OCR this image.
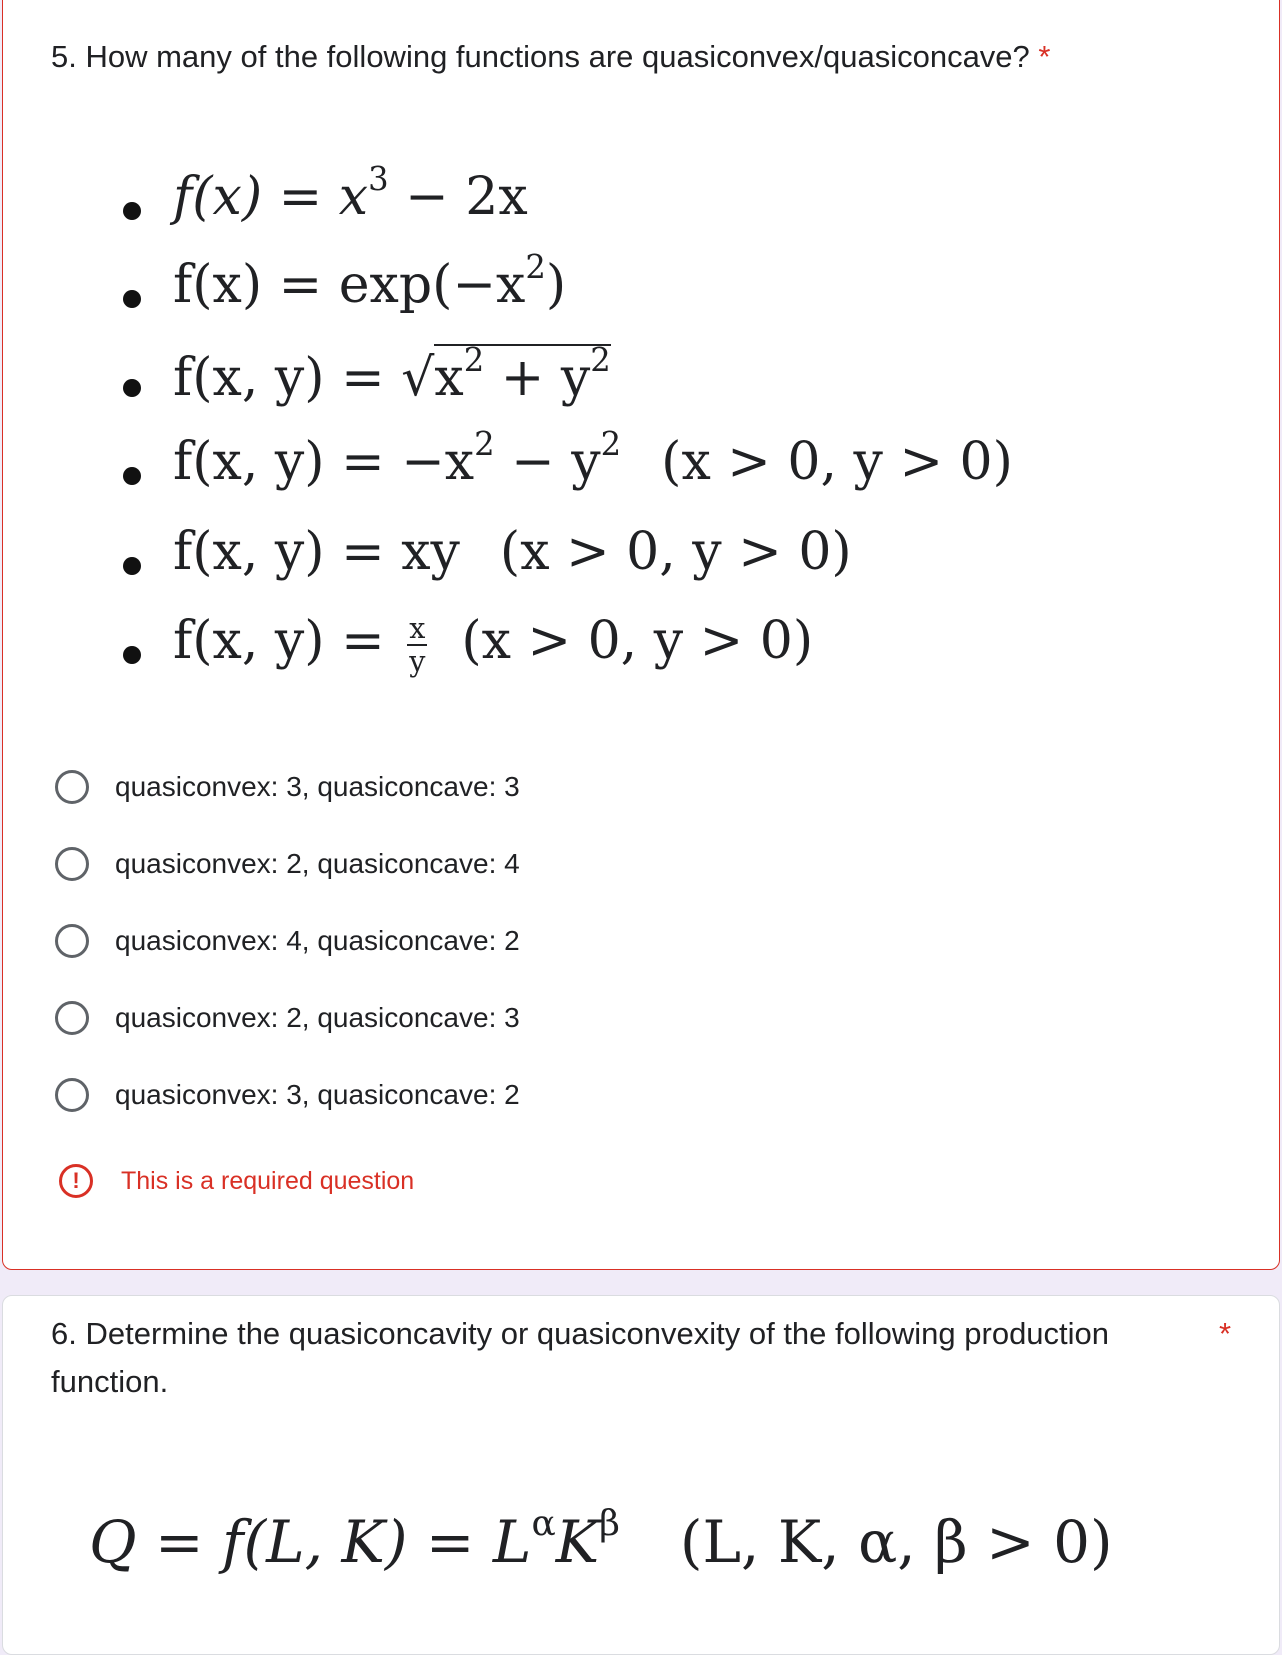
5. How many of the following functions are quasiconvex/quasiconcave? *
$f(x) = x^3 - 2x$
$f(x) = \exp(-x^2)$
f(x, $y) = √x^2 + y^2$
f(x, $y) = -x^2 - y^2$ (x > 0, y > 0)
f(x, y) = xy (x > 0, y > 0)
f(x, $y) = \frac{x}{y} (x > 0$, y > 0)
quasiconvex: 3, quasiconcave: 3
quasiconvex: 2, quasiconcave: 4
quasiconvex: 4, quasiconcave: 2
quasiconvex: 2, quasiconcave: 3
quasiconvex: 3, quasiconcave: 2
!	This is a required question
6. Determine the quasiconcavity or quasiconvexity of the following production
function.
*
Q = f(L, $K) = L^\alpha K^\beta$ (L, K, α, β > 0)
